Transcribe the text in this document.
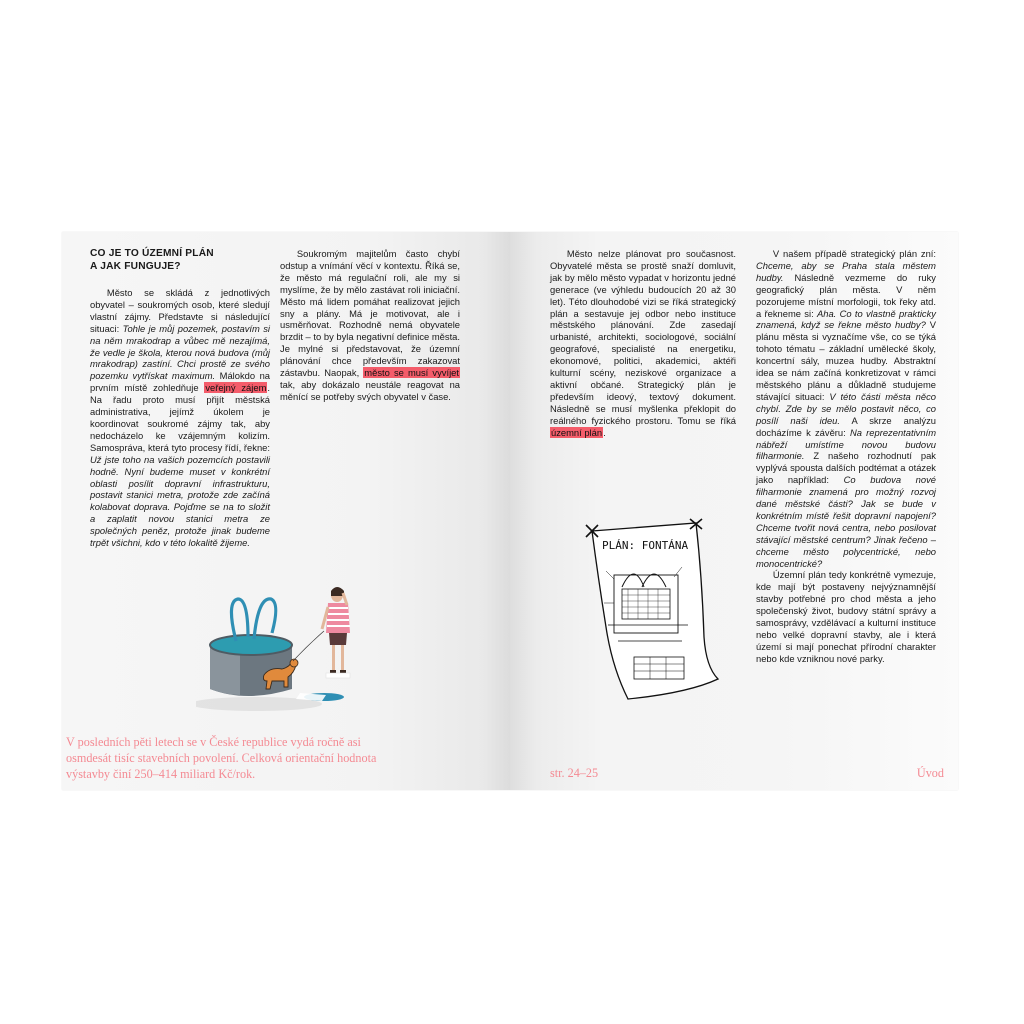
CO JE TO ÚZEMNÍ PLÁN
A JAK FUNGUJE?

Město se skládá z jednotlivých obyvatel – soukromých osob, které sledují vlastní zájmy. Představte si následující situaci: Tohle je můj pozemek, postavím si na něm mrakodrap a vůbec mě nezajímá, že vedle je škola, kterou nová budova (můj mrakodrap) zastíní. Chci prostě ze svého pozemku vytřískat maximum. Málokdo na prvním místě zohledňuje veřejný zájem. Na řadu proto musí přijít městská administrativa, jejímž úkolem je koordinovat soukromé zájmy tak, aby nedocházelo ke vzájemným kolizím. Samospráva, která tyto procesy řídí, řekne: Už jste toho na vašich pozemcích postavili hodně. Nyní budeme muset v konkrétní oblasti posílit dopravní infrastrukturu, postavit stanici metra, protože zde začíná kolabovat doprava. Pojďme se na to složit a zaplatit novou stanici metra ze společných peněz, protože jinak budeme trpět všichni, kdo v této lokalitě žijeme.

Soukromým majitelům často chybí odstup a vnímání věcí v kontextu. Říká se, že město má regulační roli, ale my si myslíme, že by mělo zastávat roli iniciační. Město má lidem pomáhat realizovat jejich sny a plány. Má je motivovat, ale i usměrňovat. Rozhodně nemá obyvatele brzdit – to by byla negativní definice města. Je mylné si představovat, že územní plánování chce především zakazovat zástavbu. Naopak, město se musí vyvíjet tak, aby dokázalo neustále reagovat na měnící se potřeby svých obyvatel v čase.

V posledních pěti letech se v České republice vydá ročně asi osmdesát tisíc stavebních povolení. Celková orientační hodnota výstavby činí 250–414 miliard Kč/rok.

Město nelze plánovat pro současnost. Obyvatelé města se prostě snaží domluvit, jak by mělo město vypadat v horizontu jedné generace (ve výhledu budoucích 20 až 30 let). Této dlouhodobé vizi se říká strategický plán a sestavuje jej odbor nebo instituce městského plánování. Zde zasedají urbanisté, architekti, sociologové, sociální geografové, specialisté na energetiku, ekonomové, politici, akademici, aktéři kulturní scény, neziskové organizace a aktivní občané. Strategický plán je především ideový, textový dokument. Následně se musí myšlenka překlopit do reálného fyzického prostoru. Tomu se říká územní plán.

V našem případě strategický plán zní: Chceme, aby se Praha stala městem hudby. Následně vezmeme do ruky geografický plán města. V něm pozorujeme místní morfologii, tok řeky atd. a řekneme si: Aha. Co to vlastně prakticky znamená, když se řekne město hudby? V plánu města si vyznačíme vše, co se týká tohoto tématu – základní umělecké školy, koncertní sály, muzea hudby. Abstraktní idea se nám začíná konkretizovat v rámci městského plánu a důkladně studujeme stávající situaci: V této části města něco chybí. Zde by se mělo postavit něco, co posílí naši ideu. A skrze analýzu docházíme k závěru: Na reprezentativním nábřeží umístíme novou budovu filharmonie. Z našeho rozhodnutí pak vyplývá spousta dalších podtémat a otázek jako například: Co budova nové filharmonie znamená pro možný rozvoj dané městské části? Jak se bude v konkrétním místě řešit dopravní napojení? Chceme tvořit nová centra, nebo posilovat stávající městské centrum? Jinak řečeno – chceme město polycentrické, nebo monocentrické?

Územní plán tedy konkrétně vymezuje, kde mají být postaveny nejvýznamnější stavby potřebné pro chod města a jeho společenský život, budovy státní správy a samosprávy, vzdělávací a kulturní instituce nebo velké dopravní stavby, ale i která území si mají ponechat přírodní charakter nebo kde vzniknou nové parky.

PLÁN: FONTÁNA
str. 24–25	Úvod
